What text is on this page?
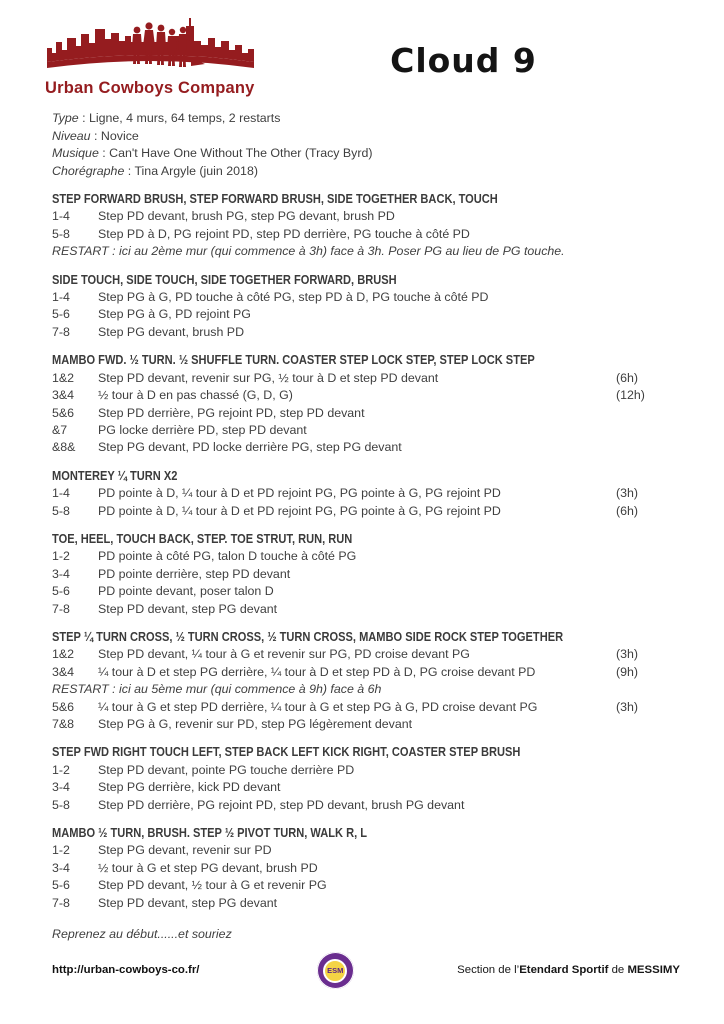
Urban Cowboys Company
Cloud 9
Type : Ligne, 4 murs, 64 temps, 2 restarts
Niveau : Novice
Musique : Can't Have One Without The Other (Tracy Byrd)
Chorégraphe : Tina Argyle (juin 2018)
STEP FORWARD BRUSH, STEP FORWARD BRUSH, SIDE TOGETHER BACK, TOUCH
1-4	Step PD devant, brush PG, step PG devant, brush PD
5-8	Step PD à D, PG rejoint PD, step PD derrière, PG touche à côté PD
RESTART : ici au 2ème mur (qui commence à 3h) face à 3h. Poser PG au lieu de PG touche.
SIDE TOUCH, SIDE TOUCH, SIDE TOGETHER FORWARD, BRUSH
1-4	Step PG à G, PD touche à côté PG, step PD à D, PG touche à côté PD
5-6	Step PG à G, PD rejoint PG
7-8	Step PG devant, brush PD
MAMBO FWD. ½ TURN. ½ SHUFFLE TURN. COASTER STEP LOCK STEP, STEP LOCK STEP
1&2	Step PD devant, revenir sur PG, ½ tour à D et step PD devant	(6h)
3&4	½ tour à D en pas chassé (G, D, G)	(12h)
5&6	Step PD derrière, PG rejoint PD, step PD devant
&7	PG locke derrière PD, step PD devant
&8&	Step PG devant, PD locke derrière PG, step PG devant
MONTEREY ¼ TURN X2
1-4	PD pointe à D, ¼ tour à D et PD rejoint PG, PG pointe à G, PG rejoint PD	(3h)
5-8	PD pointe à D, ¼ tour à D et PD rejoint PG, PG pointe à G, PG rejoint PD	(6h)
TOE, HEEL, TOUCH BACK, STEP. TOE STRUT, RUN, RUN
1-2	PD pointe à côté PG, talon D touche à côté PG
3-4	PD pointe derrière, step PD devant
5-6	PD pointe devant, poser talon D
7-8	Step PD devant, step PG devant
STEP ¼ TURN CROSS, ½ TURN CROSS, ½ TURN CROSS, MAMBO SIDE ROCK STEP TOGETHER
1&2	Step PD devant, ¼ tour à G et revenir sur PG, PD croise devant PG	(3h)
3&4	¼ tour à D et step PG derrière, ¼ tour à D et step PD à D, PG croise devant PD	(9h)
RESTART : ici au 5ème mur (qui commence à 9h) face à 6h
5&6	¼ tour à G et step PD derrière, ¼ tour à G et step PG à G, PD croise devant PG	(3h)
7&8	Step PG à G, revenir sur PD, step PG légèrement devant
STEP FWD RIGHT TOUCH LEFT, STEP BACK LEFT KICK RIGHT, COASTER STEP BRUSH
1-2	Step PD devant, pointe PG touche derrière PD
3-4	Step PG derrière, kick PD devant
5-8	Step PD derrière, PG rejoint PD, step PD devant, brush PG devant
MAMBO ½ TURN, BRUSH. STEP ½ PIVOT TURN, WALK R, L
1-2	Step PG devant, revenir sur PD
3-4	½ tour à G et step PG devant, brush PD
5-6	Step PD devant, ½ tour à G et revenir PG
7-8	Step PD devant, step PG devant
Reprenez au début......et souriez
http://urban-cowboys-co.fr/	ESM	Section de l’Etendard Sportif de MESSIMY
